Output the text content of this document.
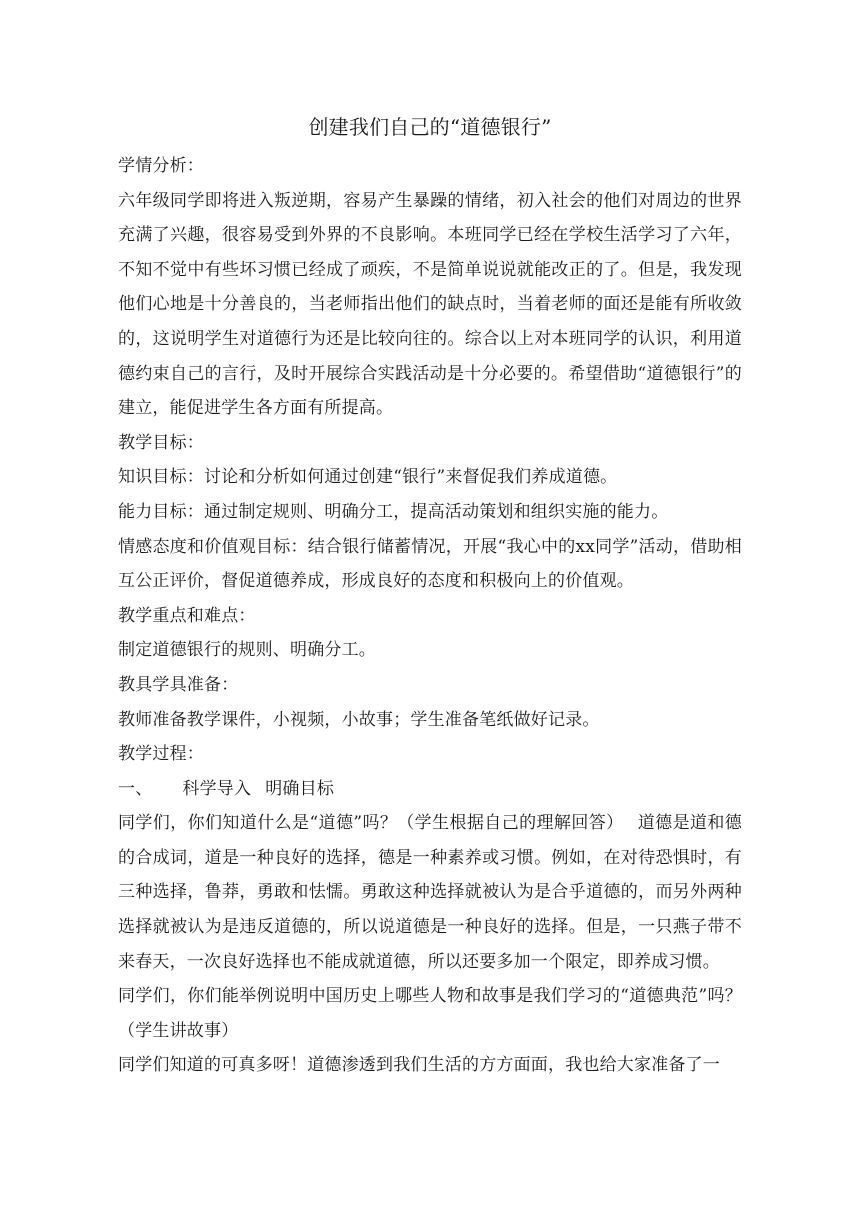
创建我们自己的“道德银行”

学情分析：

六年级同学即将进入叛逆期，容易产生暴躁的情绪，初入社会的他们对周边的世界充满了兴趣，很容易受到外界的不良影响。本班同学已经在学校生活学习了六年，不知不觉中有些坏习惯已经成了顽疾，不是简单说说就能改正的了。但是，我发现他们心地是十分善良的，当老师指出他们的缺点时，当着老师的面还是能有所收敛的，这说明学生对道德行为还是比较向往的。综合以上对本班同学的认识，利用道德约束自己的言行，及时开展综合实践活动是十分必要的。希望借助“道德银行”的建立，能促进学生各方面有所提高。

教学目标：

知识目标：讨论和分析如何通过创建“银行”来督促我们养成道德。

能力目标：通过制定规则、明确分工，提高活动策划和组织实施的能力。

情感态度和价值观目标：结合银行储蓄情况，开展“我心中的xx同学”活动，借助相互公正评价，督促道德养成，形成良好的态度和积极向上的价值观。

教学重点和难点：

制定道德银行的规则、明确分工。

教具学具准备：

教师准备教学课件，小视频，小故事；学生准备笔纸做好记录。

教学过程：

一、 科学导入 明确目标

同学们，你们知道什么是“道德”吗？（学生根据自己的理解回答） 道德是道和德的合成词，道是一种良好的选择，德是一种素养或习惯。例如，在对待恐惧时，有三种选择，鲁莽，勇敢和怯懦。勇敢这种选择就被认为是合乎道德的，而另外两种选择就被认为是违反道德的，所以说道德是一种良好的选择。但是，一只燕子带不来春天，一次良好选择也不能成就道德，所以还要多加一个限定，即养成习惯。

同学们，你们能举例说明中国历史上哪些人物和故事是我们学习的“道德典范”吗？（学生讲故事）

同学们知道的可真多呀！道德渗透到我们生活的方方面面，我也给大家准备了一
